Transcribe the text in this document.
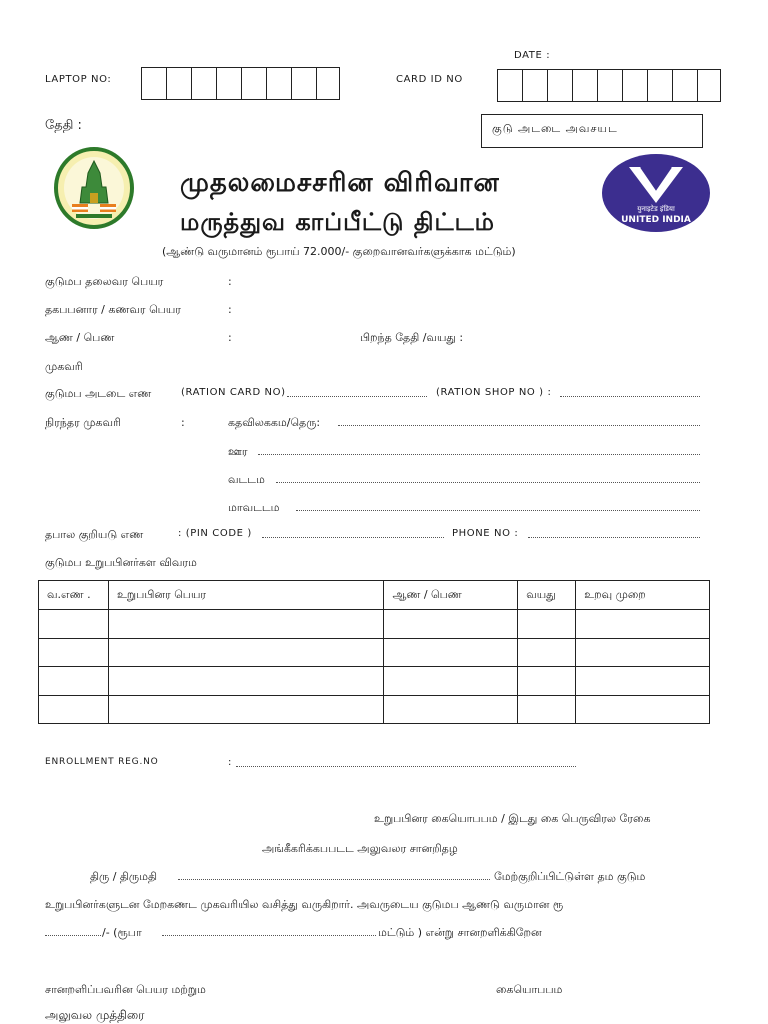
DATE :
LAPTOP NO:	CARD ID NO
தேதி :	குடு அடடை அவசயட
முதலமைசசரின விரிவான
மருத்துவ காப்பீட்டு திட்டம்	युनाइटेड इंडिया
UNITED INDIA
(ஆண்டு வருமானம் ரூபாய் 72.000/- குறைவானவர்களுக்காக மட்டும்)
குடுமப தலைவர பெயர	:
தகபபனார / கணவர பெயர	:
ஆண / பெண	:	பிறந்த தேதி /வயது :
முகவரி
குடுமப அடடை எண	(RATION CARD NO)	(RATION SHOP NO ) :
நிரந்தர முகவரி	:	கதவிலககம/தெரு:
ஊர
வடடம
மாவடடம
தபால குறியடு எண	: (PIN CODE )	PHONE NO :
குடுமப உறுபபினர்கள விவரம
வ.எண .	உறுபபினர பெயர	ஆண / பெண	வயது	உறவு முறை

ENROLLMENT REG.NO	:
உறுபபினர கையொபபம / இடது கை பெருவிரல ரேகை
அங்கீகரிக்கபபடட அலுவலர சானறிதழ
திரு / திருமதி	மேற்குறிப்பிட்டுள்ள தம குடும
உறுபபினர்களுடன மேறகணட முகவரியில வசித்து வருகிறார். அவருடைய குடுமப ஆணடு வருமான ரூ
/- (ரூபா	மட்டும் ) என்று சானறளிக்கிறேன
சானறளிப்பவரின பெயர மற்றும	கையொபபம
அலுவல முத்திரை
